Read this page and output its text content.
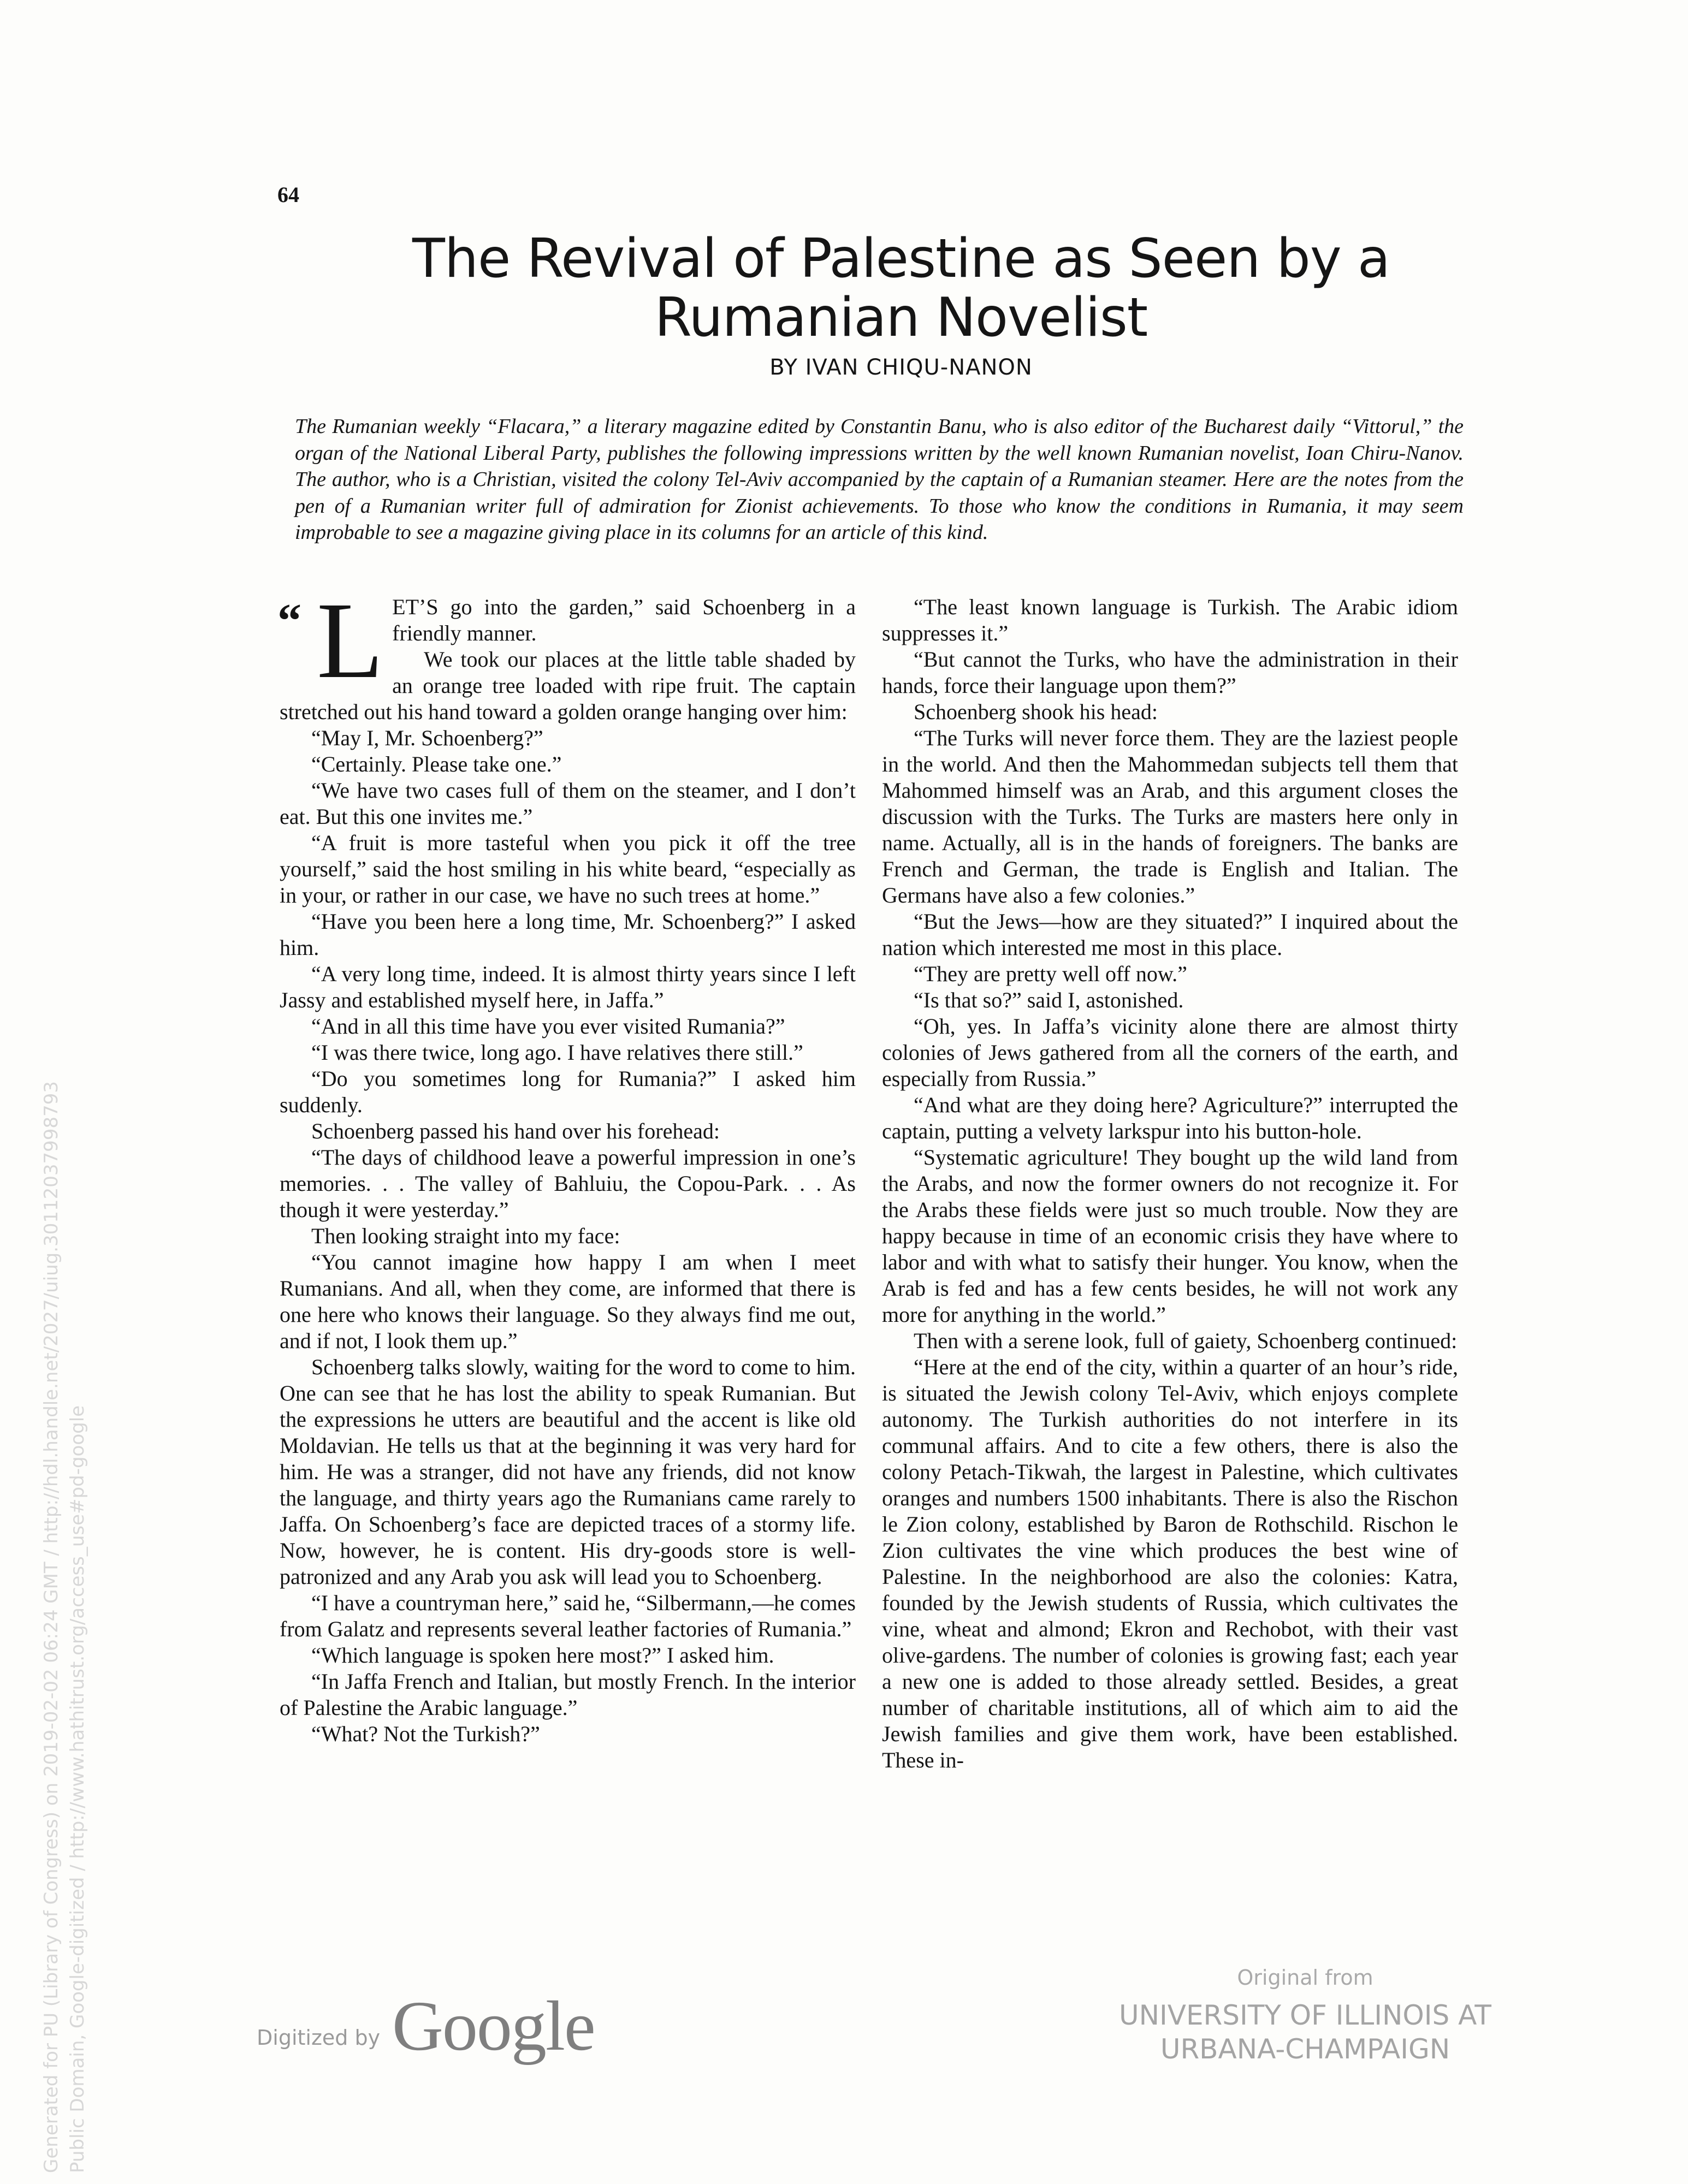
64
The Revival of Palestine as Seen by a
Rumanian Novelist
BY IVAN CHIQU-NANON

The Rumanian weekly “Flacara,” a literary magazine edited by Constantin Banu, who is also editor of the Bucharest daily “Vittorul,” the organ of the National Liberal Party, publishes the following impressions written by the well known Rumanian novelist, Ioan Chiru-Nanov. The author, who is a Christian, visited the colony Tel-Aviv accompanied by the captain of a Rumanian steamer. Here are the notes from the pen of a Rumanian writer full of admiration for Zionist achievements. To those who know the conditions in Rumania, it may seem improbable to see a magazine giving place in its columns for an article of this kind.

“ L ET’S go into the garden,” said Schoenberg in a friendly manner.

We took our places at the little table shaded by an orange tree loaded with ripe fruit. The captain stretched out his hand toward a golden orange hanging over him:

“May I, Mr. Schoenberg?”

“Certainly. Please take one.”

“We have two cases full of them on the steamer, and I don’t eat. But this one invites me.”

“A fruit is more tasteful when you pick it off the tree yourself,” said the host smiling in his white beard, “especially as in your, or rather in our case, we have no such trees at home.”

“Have you been here a long time, Mr. Schoenberg?” I asked him.

“A very long time, indeed. It is almost thirty years since I left Jassy and established myself here, in Jaffa.”

“And in all this time have you ever visited Rumania?”

“I was there twice, long ago. I have relatives there still.”

“Do you sometimes long for Rumania?” I asked him suddenly.

Schoenberg passed his hand over his forehead:

“The days of childhood leave a powerful impression in one’s memories. . . The valley of Bahluiu, the Copou-Park. . . As though it were yesterday.”

Then looking straight into my face:

“You cannot imagine how happy I am when I meet Rumanians. And all, when they come, are informed that there is one here who knows their language. So they always find me out, and if not, I look them up.”

Schoenberg talks slowly, waiting for the word to come to him. One can see that he has lost the ability to speak Rumanian. But the expressions he utters are beautiful and the accent is like old Moldavian. He tells us that at the beginning it was very hard for him. He was a stranger, did not have any friends, did not know the language, and thirty years ago the Rumanians came rarely to Jaffa. On Schoenberg’s face are depicted traces of a stormy life. Now, however, he is content. His dry-goods store is well-patronized and any Arab you ask will lead you to Schoenberg.

“I have a countryman here,” said he, “Silbermann,—he comes from Galatz and represents several leather factories of Rumania.”

“Which language is spoken here most?” I asked him.

“In Jaffa French and Italian, but mostly French. In the interior of Palestine the Arabic language.”

“What? Not the Turkish?”

“The least known language is Turkish. The Arabic idiom suppresses it.”

“But cannot the Turks, who have the administration in their hands, force their language upon them?”

Schoenberg shook his head:

“The Turks will never force them. They are the laziest people in the world. And then the Mahommedan subjects tell them that Mahommed himself was an Arab, and this argument closes the discussion with the Turks. The Turks are masters here only in name. Actually, all is in the hands of foreigners. The banks are French and German, the trade is English and Italian. The Germans have also a few colonies.”

“But the Jews—how are they situated?” I inquired about the nation which interested me most in this place.

“They are pretty well off now.”

“Is that so?” said I, astonished.

“Oh, yes. In Jaffa’s vicinity alone there are almost thirty colonies of Jews gathered from all the corners of the earth, and especially from Russia.”

“And what are they doing here? Agriculture?” interrupted the captain, putting a velvety larkspur into his button-hole.

“Systematic agriculture! They bought up the wild land from the Arabs, and now the former owners do not recognize it. For the Arabs these fields were just so much trouble. Now they are happy because in time of an economic crisis they have where to labor and with what to satisfy their hunger. You know, when the Arab is fed and has a few cents besides, he will not work any more for anything in the world.”

Then with a serene look, full of gaiety, Schoenberg continued:

“Here at the end of the city, within a quarter of an hour’s ride, is situated the Jewish colony Tel-Aviv, which enjoys complete autonomy. The Turkish authorities do not interfere in its communal affairs. And to cite a few others, there is also the colony Petach-Tikwah, the largest in Palestine, which cultivates oranges and numbers 1500 inhabitants. There is also the Rischon le Zion colony, established by Baron de Rothschild. Rischon le Zion cultivates the vine which produces the best wine of Palestine. In the neighborhood are also the colonies: Katra, founded by the Jewish students of Russia, which cultivates the vine, wheat and almond; Ekron and Rechobot, with their vast olive-gardens. The number of colonies is growing fast; each year a new one is added to those already settled. Besides, a great number of charitable institutions, all of which aim to aid the Jewish families and give them work, have been established. These in-

Digitized by Google
Original from
UNIVERSITY OF ILLINOIS AT
URBANA-CHAMPAIGN
Generated for PU (Library of Congress) on 2019-02-02 06:24 GMT / http://hdl.handle.net/2027/uiug.30112037998793 Public Domain, Google-digitized / http://www.hathitrust.org/access_use#pd-google
